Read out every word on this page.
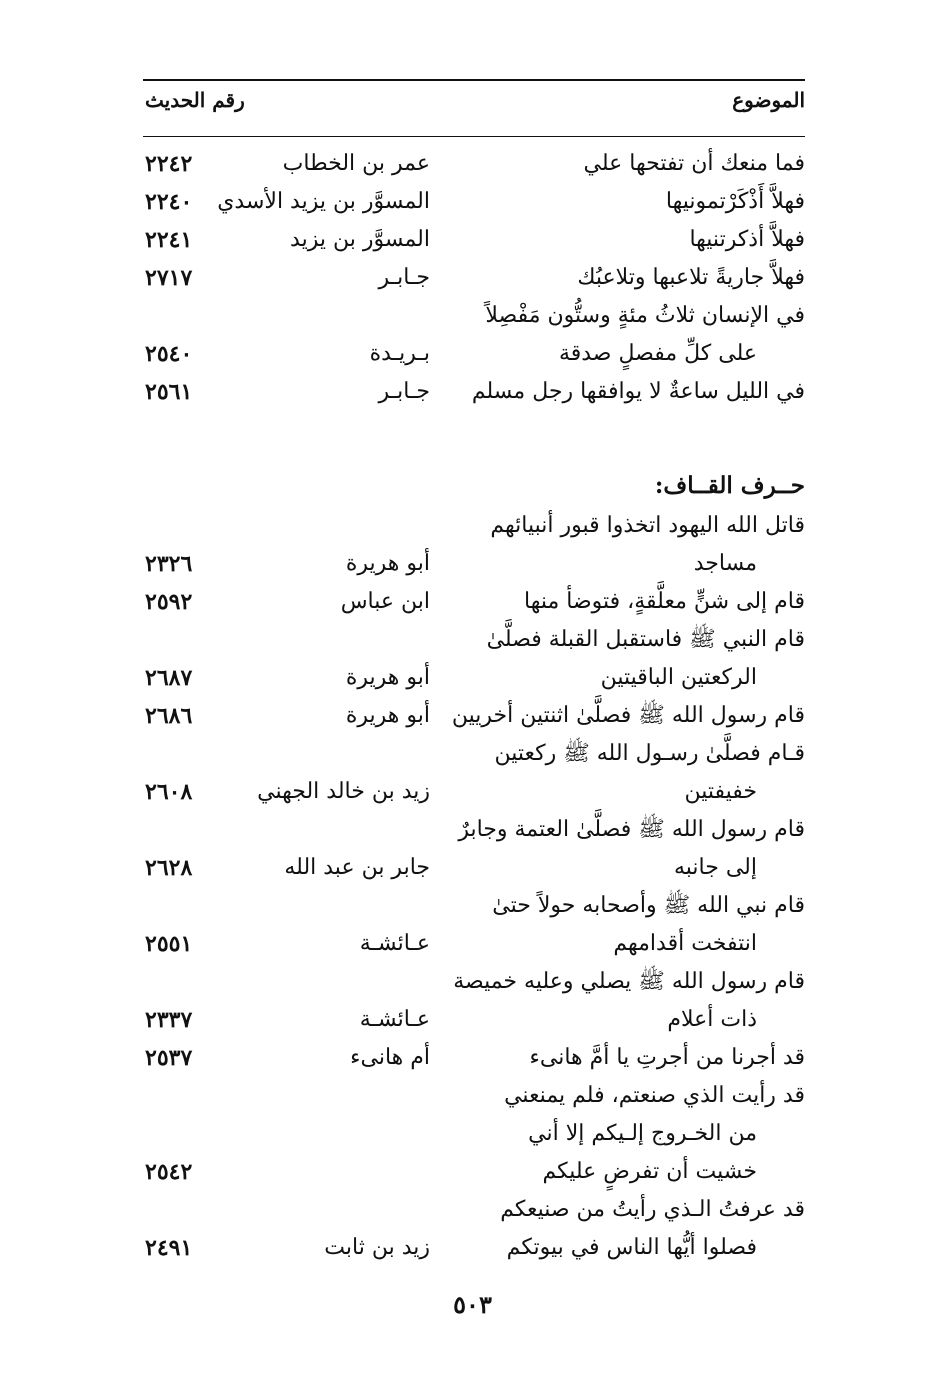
الموضوع
رقم الحديث
فما منعك أن تفتحها علي
عمر بن الخطاب
٢٢٤٢
فهلاَّ أَذْكَرْتمونيها
المسوَّر بن يزيد الأسدي
٢٢٤٠
فهلاَّ أذكرتنيها
المسوَّر بن يزيد
٢٢٤١
فهلاَّ جاريةً تلاعبها وتلاعبُك
جـابـر
٢٧١٧
في الإنسان ثلاثُ مئةٍ وستُّون مَفْصِلاً
على كلِّ مفصلٍ صدقة
بـريـدة
٢٥٤٠
في الليل ساعةٌ لا يوافقها رجل مسلم
جـابـر
٢٥٦١
حــرف القــاف:
قاتل الله اليهود اتخذوا قبور أنبيائهم
مساجد
أبو هريرة
٢٣٢٦
قام إلى شنٍّ معلَّقةٍ، فتوضأ منها
ابن عباس
٢٥٩٢
قام النبي ﷺ فاستقبل القبلة فصلَّىٰ
الركعتين الباقيتين
أبو هريرة
٢٦٨٧
قام رسول الله ﷺ فصلَّىٰ اثنتين أخريين
أبو هريرة
٢٦٨٦
قـام فصلَّىٰ رسـول الله ﷺ ركعتين
خفيفتين
زيد بن خالد الجهني
٢٦٠٨
قام رسول الله ﷺ فصلَّىٰ العتمة وجابرٌ
إلى جانبه
جابر بن عبد الله
٢٦٢٨
قام نبي الله ﷺ وأصحابه حولاً حتىٰ
انتفخت أقدامهم
عـائشـة
٢٥٥١
قام رسول الله ﷺ يصلي وعليه خميصة
ذات أعلام
عـائشـة
٢٣٣٧
قد أجرنا من أجرتِ يا أمَّ هانىء
أم هانىء
٢٥٣٧
قد رأيت الذي صنعتم، فلم يمنعني
من الخـروج إلـيكم إلا أني
خشيت أن تفرضٍ عليكم
٢٥٤٢
قد عرفتُ الـذي رأيتُ من صنيعكم
فصلوا أيُّها الناس في بيوتكم
زيد بن ثابت
٢٤٩١
٥٠٣
